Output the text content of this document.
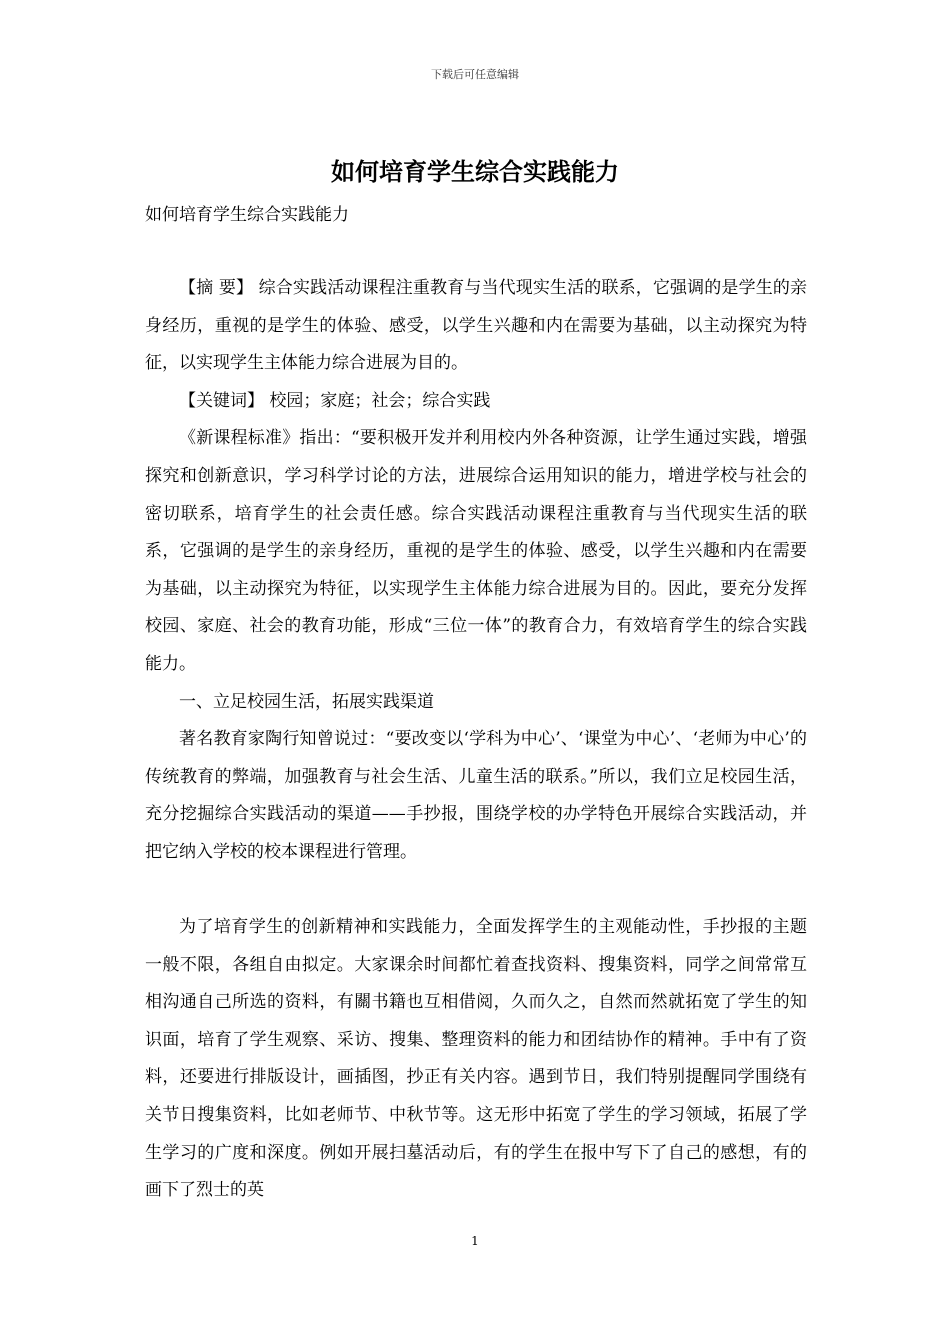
下载后可任意编辑
如何培育学生综合实践能力
如何培育学生综合实践能力

【摘 要】 综合实践活动课程注重教育与当代现实生活的联系，它强调的是学生的亲身经历，重视的是学生的体验、感受，以学生兴趣和内在需要为基础，以主动探究为特征，以实现学生主体能力综合进展为目的。

【关键词】 校园；家庭；社会；综合实践

《新课程标准》指出：“要积极开发并利用校内外各种资源，让学生通过实践，增强探究和创新意识，学习科学讨论的方法，进展综合运用知识的能力，增进学校与社会的密切联系，培育学生的社会责任感。综合实践活动课程注重教育与当代现实生活的联系，它强调的是学生的亲身经历，重视的是学生的体验、感受，以学生兴趣和内在需要为基础，以主动探究为特征，以实现学生主体能力综合进展为目的。因此，要充分发挥校园、家庭、社会的教育功能，形成“三位一体”的教育合力，有效培育学生的综合实践能力。

一、立足校园生活，拓展实践渠道

著名教育家陶行知曾说过：“要改变以‘学科为中心’、‘课堂为中心’、‘老师为中心’的传统教育的弊端，加强教育与社会生活、儿童生活的联系。”所以，我们立足校园生活，充分挖掘综合实践活动的渠道——手抄报，围绕学校的办学特色开展综合实践活动，并把它纳入学校的校本课程进行管理。

为了培育学生的创新精神和实践能力，全面发挥学生的主观能动性，手抄报的主题一般不限，各组自由拟定。大家课余时间都忙着查找资料、搜集资料，同学之间常常互相沟通自己所选的资料，有關书籍也互相借阅，久而久之，自然而然就拓宽了学生的知识面，培育了学生观察、采访、搜集、整理资料的能力和团结协作的精神。手中有了资料，还要进行排版设计，画插图，抄正有关内容。遇到节日，我们特别提醒同学围绕有关节日搜集资料，比如老师节、中秋节等。这无形中拓宽了学生的学习领域，拓展了学生学习的广度和深度。例如开展扫墓活动后，有的学生在报中写下了自己的感想，有的画下了烈士的英

1
